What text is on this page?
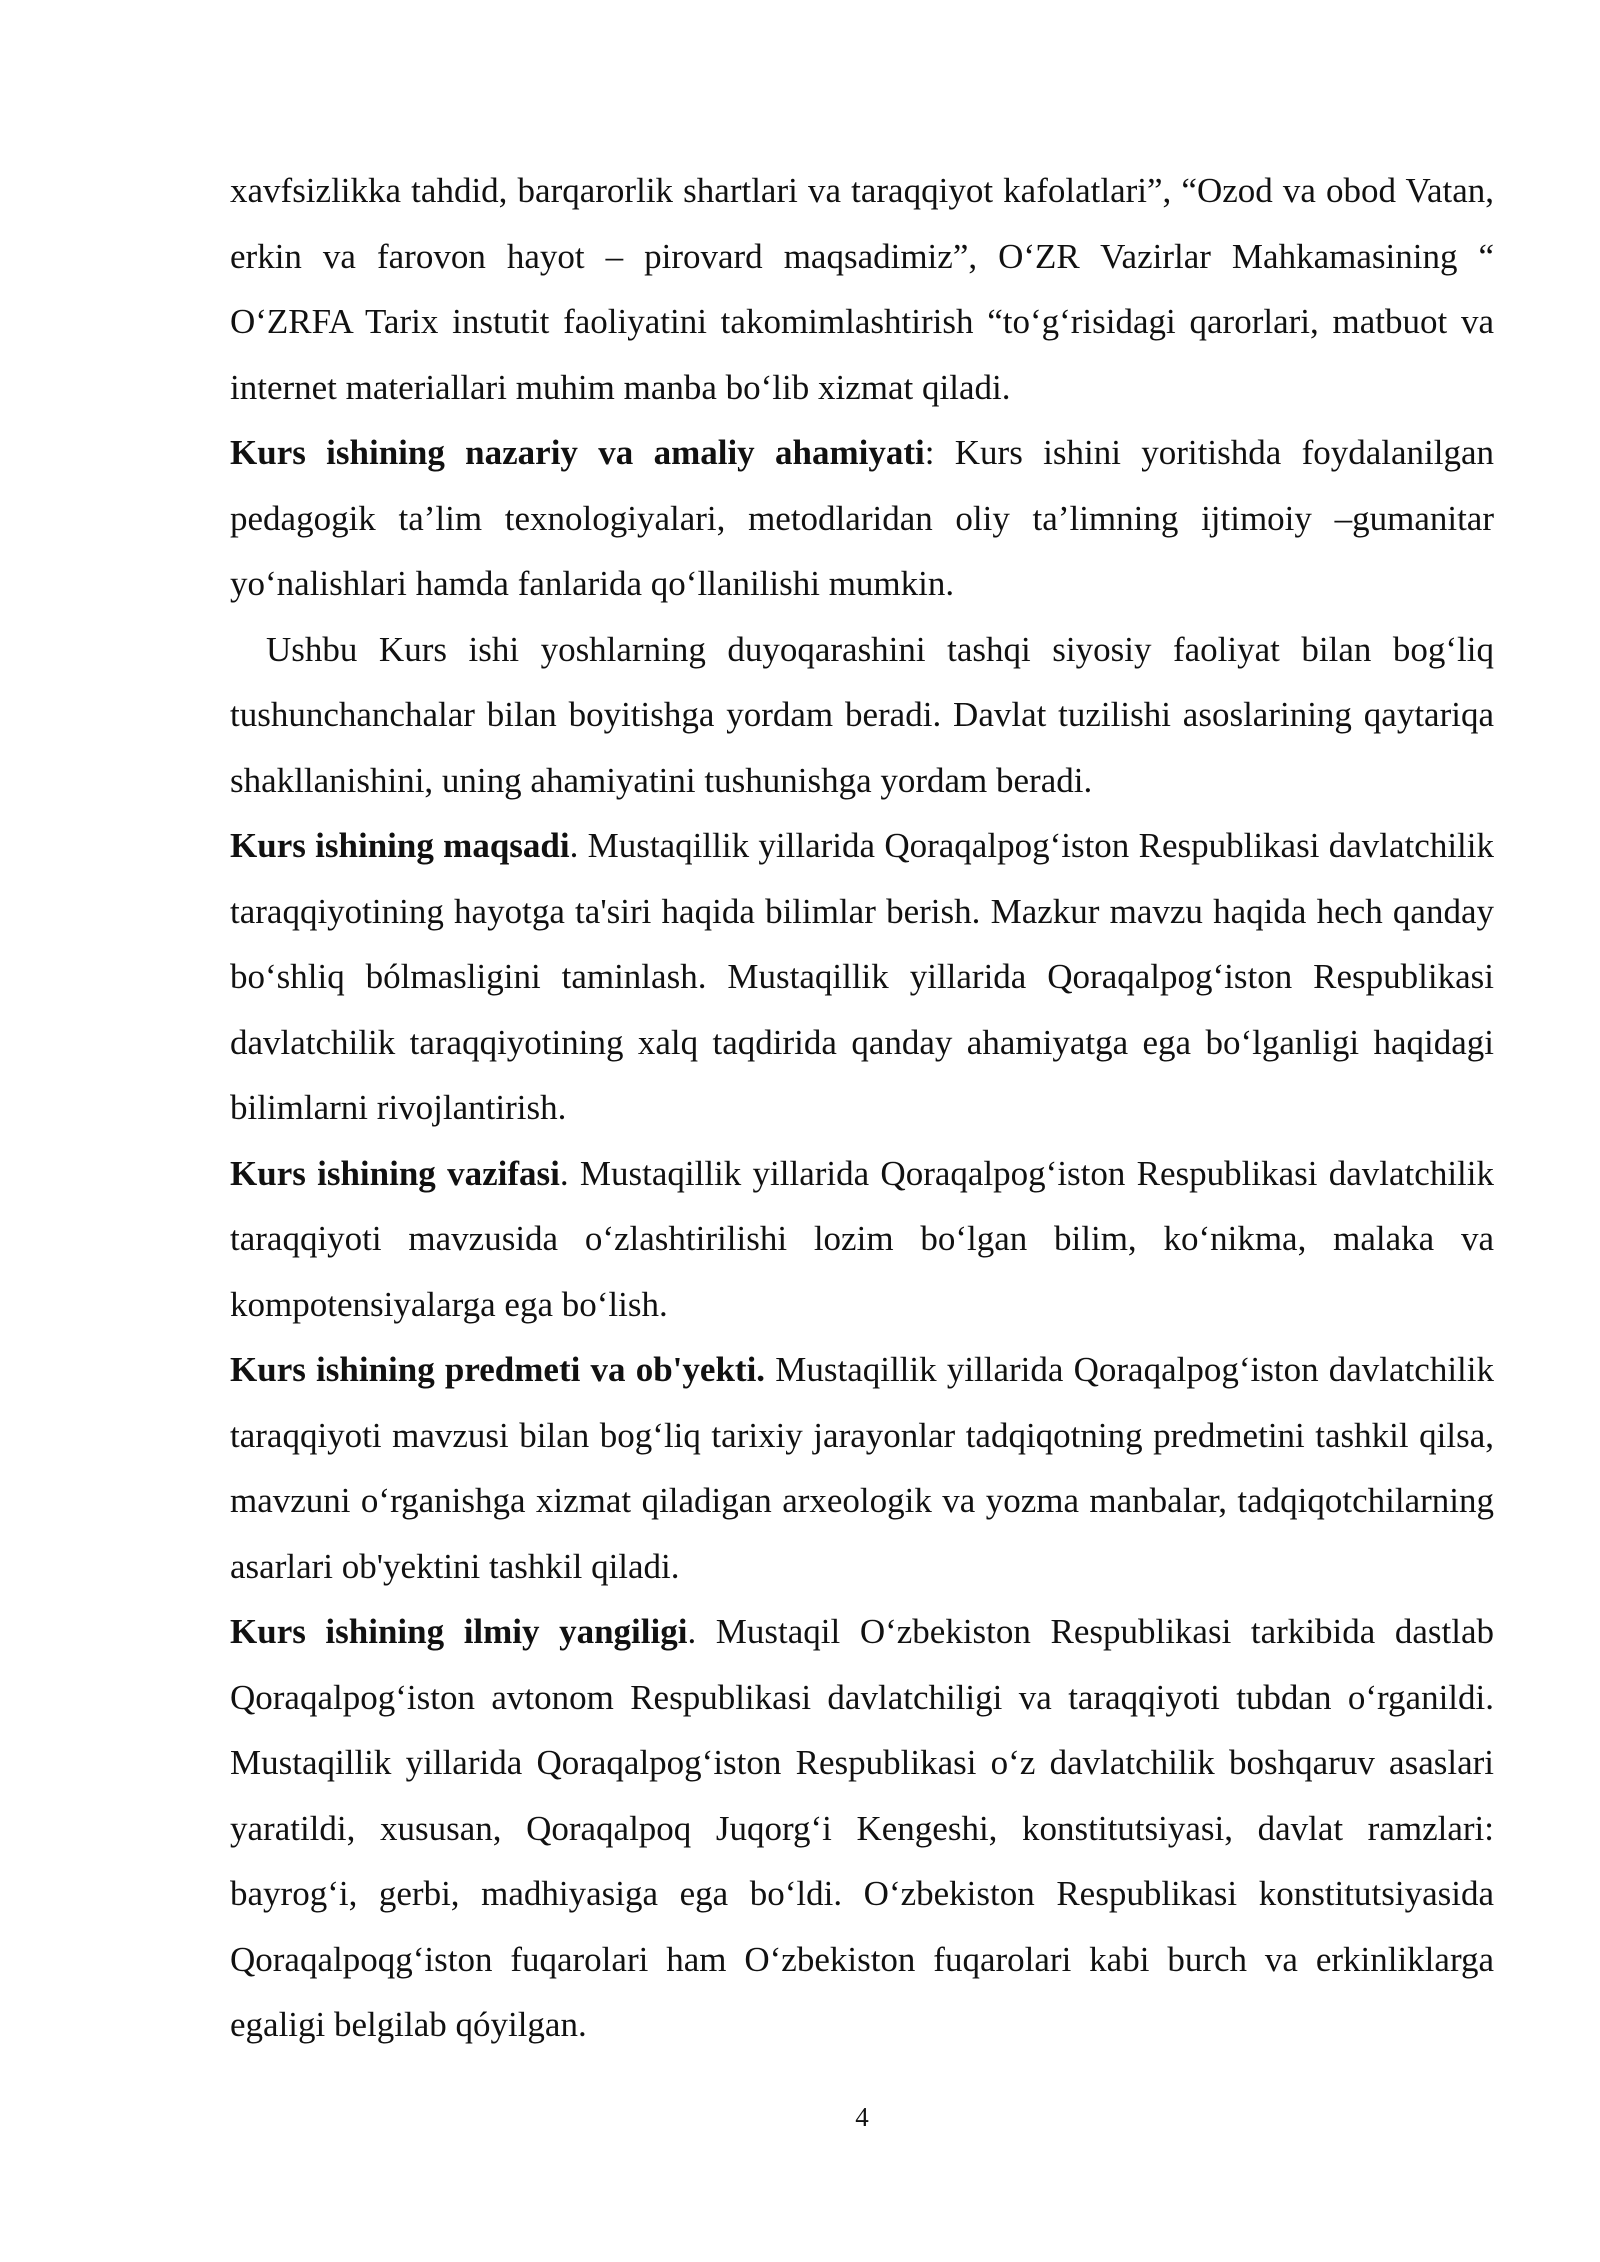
xavfsizlikka tahdid, barqarorlik shartlari va taraqqiyot kafolatlari”, “Ozod va obod Vatan, erkin va farovon hayot – pirovard maqsadimiz”, O‘ZR Vazirlar Mahkamasining “ O‘ZRFA Tarix instutit faoliyatini takomimlashtirish “to‘g‘risidagi qarorlari, matbuot va internet materiallari muhim manba bo‘lib xizmat qiladi.

Kurs ishining nazariy va amaliy ahamiyati: Kurs ishini yoritishda foydalanilgan pedagogik ta’lim texnologiyalari, metodlaridan oliy ta’limning ijtimoiy –gumanitar yo‘nalishlari hamda fanlarida qo‘llanilishi mumkin.

Ushbu Kurs ishi yoshlarning duyoqarashini tashqi siyosiy faoliyat bilan bog‘liq tushunchanchalar bilan boyitishga yordam beradi. Davlat tuzilishi asoslarining qaytariqa shakllanishini, uning ahamiyatini tushunishga yordam beradi.

Kurs ishining maqsadi. Mustaqillik yillarida Qoraqalpog‘iston Respublikasi davlatchilik taraqqiyotining hayotga ta'siri haqida bilimlar berish. Mazkur mavzu haqida hech qanday bo‘shliq bólmasligini taminlash. Mustaqillik yillarida Qoraqalpog‘iston Respublikasi davlatchilik taraqqiyotining xalq taqdirida qanday ahamiyatga ega bo‘lganligi haqidagi bilimlarni rivojlantirish.

Kurs ishining vazifasi. Mustaqillik yillarida Qoraqalpog‘iston Respublikasi davlatchilik taraqqiyoti mavzusida o‘zlashtirilishi lozim bo‘lgan bilim, ko‘nikma, malaka va kompotensiyalarga ega bo‘lish.

Kurs ishining predmeti va ob'yekti. Mustaqillik yillarida Qoraqalpog‘iston davlatchilik taraqqiyoti mavzusi bilan bog‘liq tarixiy jarayonlar tadqiqotning predmetini tashkil qilsa, mavzuni o‘rganishga xizmat qiladigan arxeologik va yozma manbalar, tadqiqotchilarning asarlari ob'yektini tashkil qiladi.

Kurs ishining ilmiy yangiligi. Mustaqil O‘zbekiston Respublikasi tarkibida dastlab Qoraqalpog‘iston avtonom Respublikasi davlatchiligi va taraqqiyoti tubdan o‘rganildi. Mustaqillik yillarida Qoraqalpog‘iston Respublikasi o‘z davlatchilik boshqaruv asaslari yaratildi, xususan, Qoraqalpoq Juqorg‘i Kengeshi, konstitutsiyasi, davlat ramzlari: bayrog‘i, gerbi, madhiyasiga ega bo‘ldi. O‘zbekiston Respublikasi konstitutsiyasida Qoraqalpoqg‘iston fuqarolari ham O‘zbekiston fuqarolari kabi burch va erkinliklarga egaligi belgilab qóyilgan.

4
